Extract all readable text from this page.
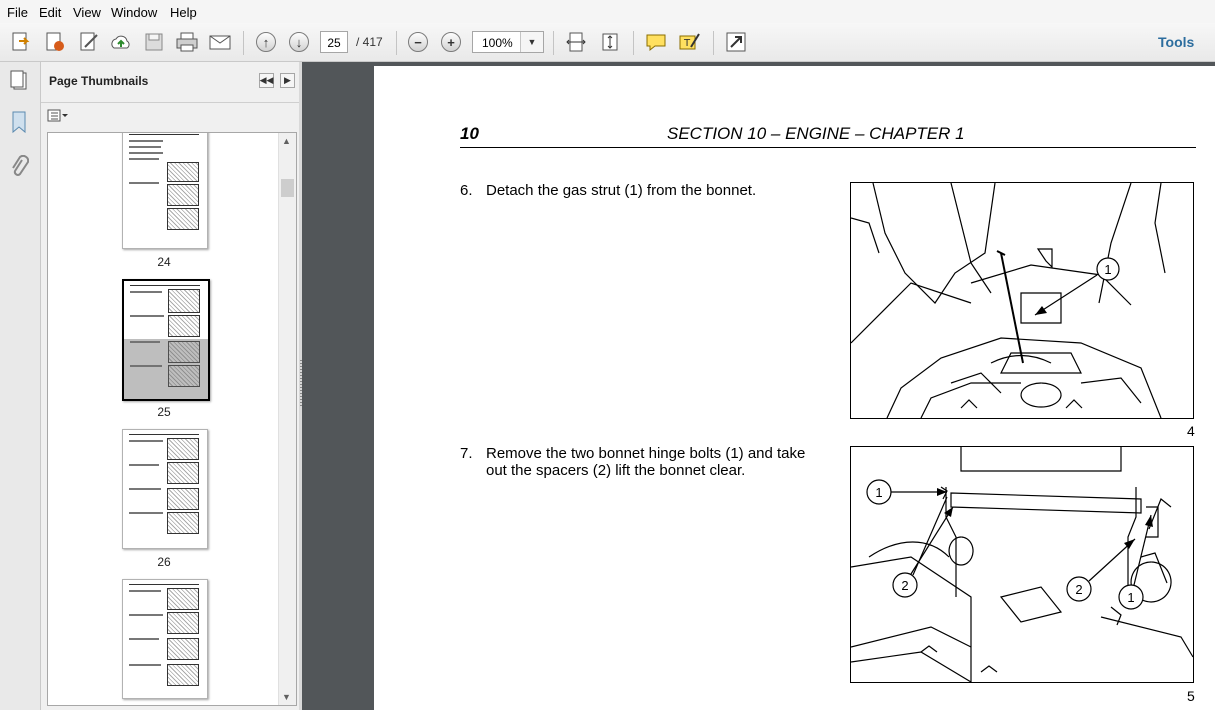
File Edit View Window Help
↑	↓	25	/ 417	−	+	100%	▼	T	Tools
Page Thumbnails	◀◀	▶
24
25
26
▲
▼
10	SECTION 10 – ENGINE – CHAPTER 1
6. Detach the gas strut (1) from the bonnet.
1
4
7. Remove the two bonnet hinge bolts (1) and take out the spacers (2) lift the bonnet clear.
1
2	2
1
5
